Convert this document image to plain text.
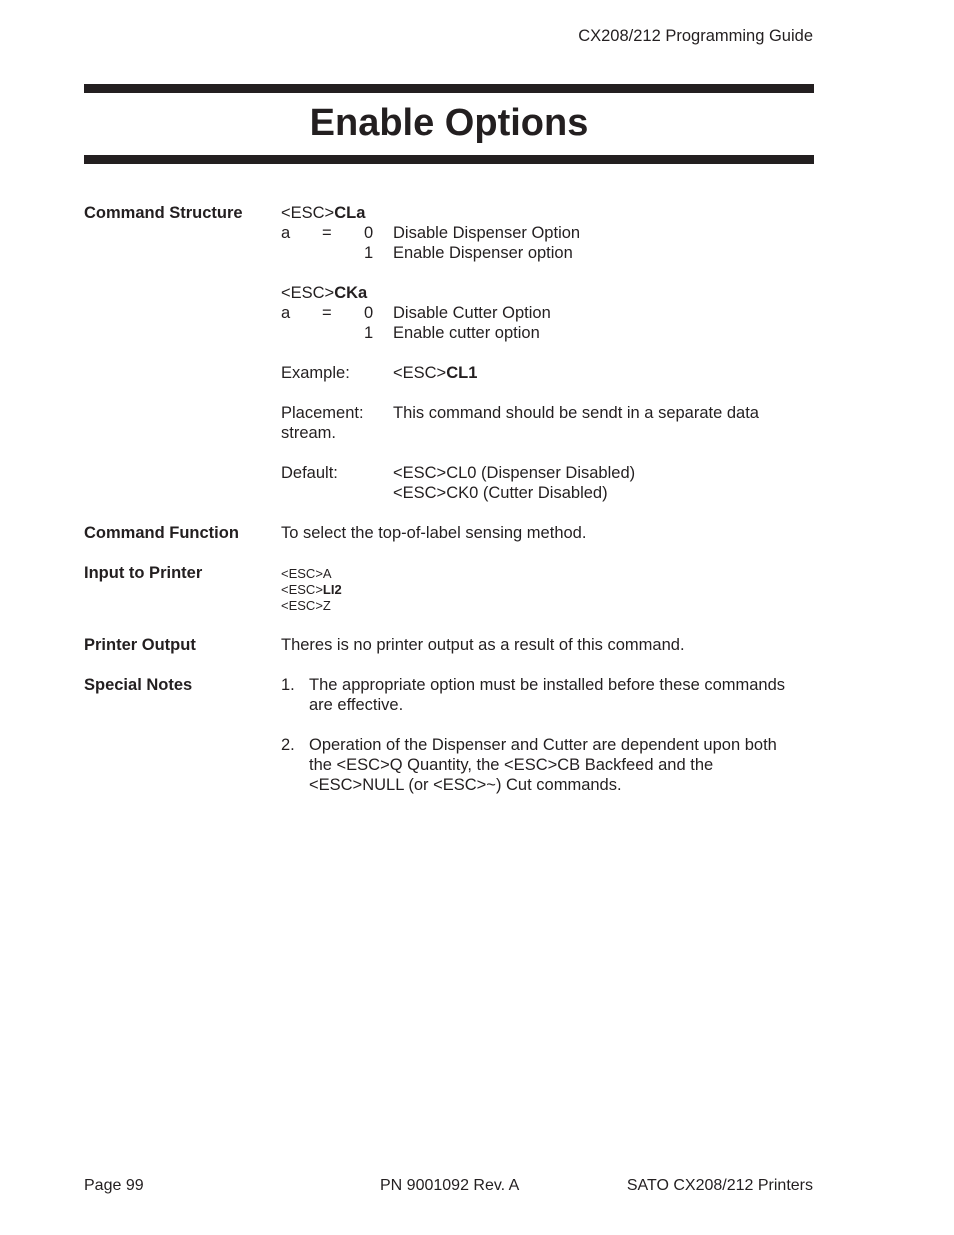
CX208/212 Programming Guide
Enable Options
Command Structure <ESC>CLa
a = 0 Disable Dispenser Option
1 Enable Dispenser option
<ESC>CKa
a = 0 Disable Cutter Option
1 Enable cutter option
Example:	<ESC>CL1
Placement: This command should be sendt in a separate data
stream.
Default:	<ESC>CL0 (Dispenser Disabled)
<ESC>CK0 (Cutter Disabled)
Command Function	To select the top-of-label sensing method.
Input to Printer	<ESC>A
<ESC>LI2
<ESC>Z
Printer Output	Theres is no printer output as a result of this command.
Special Notes	1. The appropriate option must be installed before these commands
are effective.
2. Operation of the Dispenser and Cutter are dependent upon both
the <ESC>Q Quantity, the <ESC>CB Backfeed and the
<ESC>NULL (or <ESC>~) Cut commands.
Page 99	PN 9001092 Rev. A	SATO CX208/212 Printers
